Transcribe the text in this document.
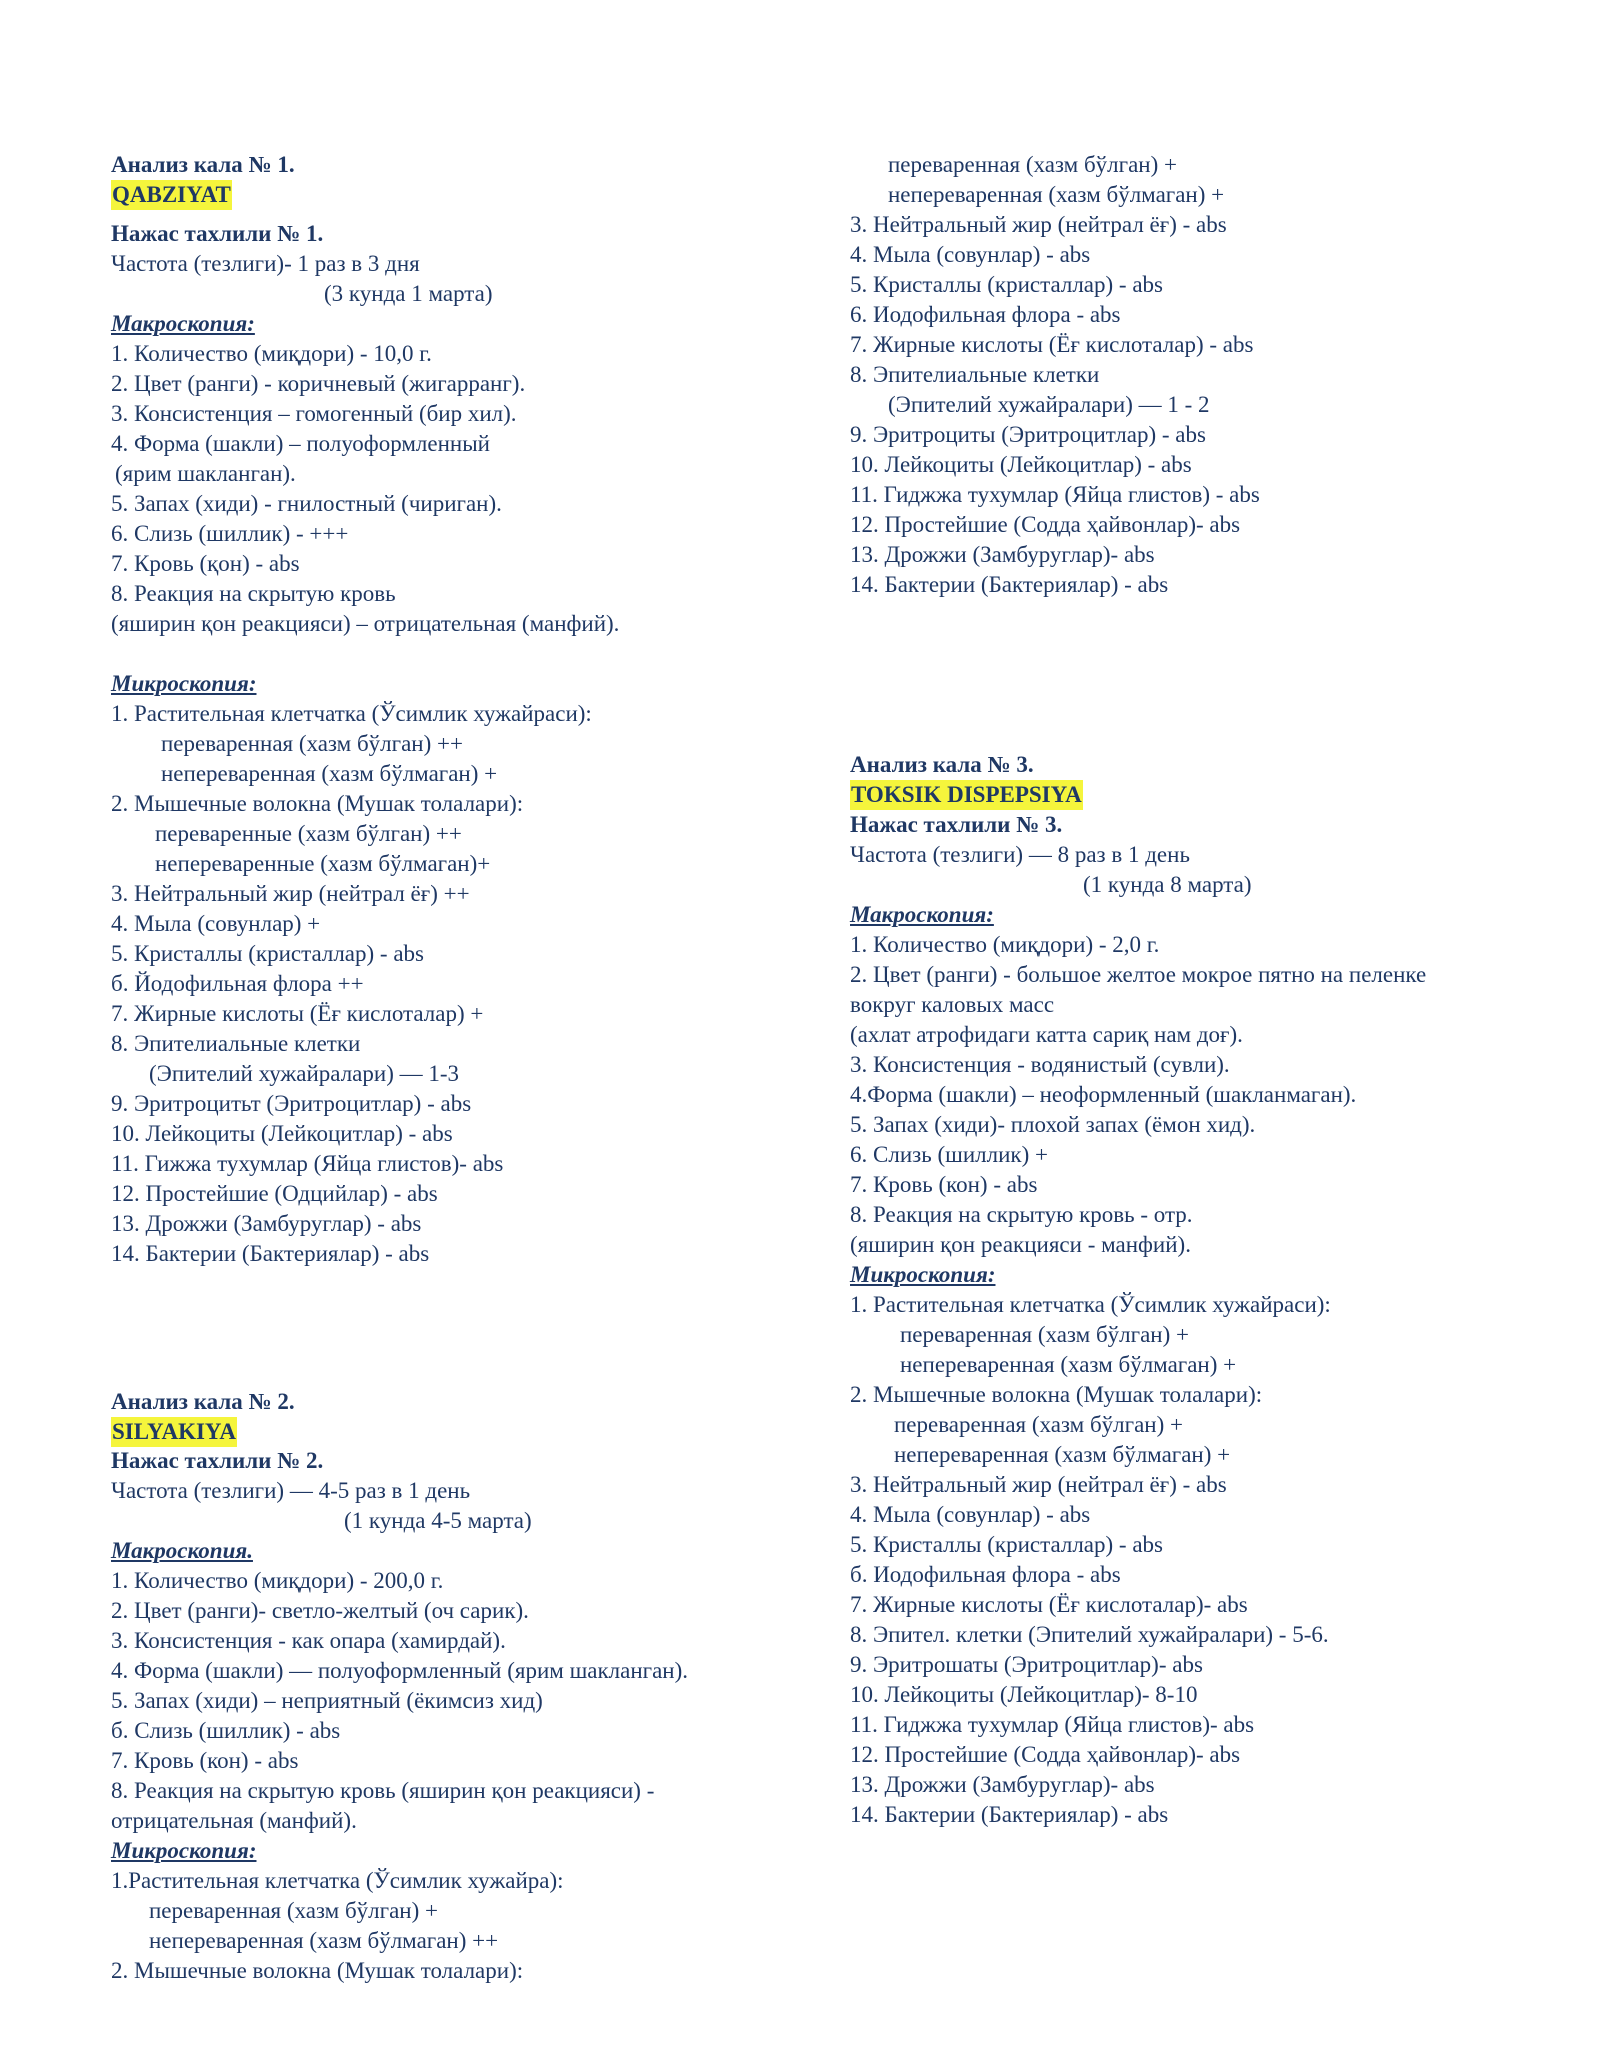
Анализ кала № 1.
QABZIYAT
Нажас тахлили № 1.
Частота (тезлиги)- 1 раз в 3 дня
(3 кунда 1 марта)
Макроскопия:
1. Количество (миқдори) - 10,0 г.
2. Цвет (ранги) - коричневый (жигарранг).
3. Консистенция – гомогенный (бир хил).
4. Форма (шакли) – полуоформленный
(ярим шакланган).
5. Запах (хиди) - гнилостный (чириган).
6. Слизь (шиллик) - +++
7. Кровь (қон) - abs
8. Реакция на скрытую кровь
(яширин қон реакцияси) – отрицательная (манфий).
Микроскопия:
1. Растительная клетчатка (Ўсимлик хужайраси):
переваренная (хазм бўлган) ++
непереваренная (хазм бўлмаган) +
2. Мышечные волокна (Мушак толалари):
переваренные (хазм бўлган) ++
непереваренные (хазм бўлмаган)+
3. Нейтральный жир (нейтрал ёғ) ++
4. Мыла (совунлар) +
5. Кристаллы (кристаллар) - abs
б. Йодофильная флора ++
7. Жирные кислоты (Ёғ кислоталар) +
8. Эпителиальные клетки
(Эпителий хужайралари) — 1-3
9. Эритроцитьт (Эритроцитлар) - abs
10. Лейкоциты (Лейкоцитлар) - abs
11. Гижжа тухумлар (Яйца глистов)- abs
12. Простейшие (Одцийлар) - abs
13. Дрожжи (Замбуруглар) - abs
14. Бактерии (Бактериялар) - abs
Анализ кала № 2.
SILYAKIYA
Нажас тахлили № 2.
Частота (тезлиги) — 4-5 раз в 1 день
(1 кунда 4-5 марта)
Макроскопия.
1. Количество (миқдори) - 200,0 г.
2. Цвет (ранги)- светло-желтый (оч сарик).
3. Консистенция - как опара (хамирдай).
4. Форма (шакли) — полуоформленный (ярим шакланган).
5. Запах (хиди) – неприятный (ёкимсиз хид)
б. Слизь (шиллик) - abs
7. Кровь (кон) - abs
8. Реакция на скрытую кровь (яширин қон реакцияси) -
отрицательная (манфий).
Микроскопия:
1.Растительная клетчатка (Ўсимлик хужайра):
переваренная (хазм бўлган) +
непереваренная (хазм бўлмаган) ++
2. Мышечные волокна (Мушак толалари):
переваренная (хазм бўлган) +
непереваренная (хазм бўлмаган) +
3. Нейтральный жир (нейтрал ёғ) - abs
4. Мыла (совунлар) - abs
5. Кристаллы (кристаллар) - abs
6. Иодофильная флора - abs
7. Жирные кислоты (Ёғ кислоталар) - abs
8. Эпителиальные клетки
(Эпителий хужайралари) — 1 - 2
9. Эритроциты (Эритроцитлар) - abs
10. Лейкоциты (Лейкоцитлар) - abs
11. Гиджжа тухумлар (Яйца глистов) - abs
12. Простейшие (Содда ҳайвонлар)- abs
13. Дрожжи (Замбуруглар)- abs
14. Бактерии (Бактериялар) - abs
Анализ кала № 3.
TOKSIK DISPEPSIYA
Нажас тахлили № 3.
Частота (тезлиги) — 8 раз в 1 день
(1 кунда 8 марта)
Макроскопия:
1. Количество (миқдори) - 2,0 г.
2. Цвет (ранги) - большое желтое мокрое пятно на пеленке
вокруг каловых масс
(ахлат атрофидаги катта сариқ нам доғ).
3. Консистенция - водянистый (сувли).
4.Форма (шакли) – неоформленный (шакланмаган).
5. Запах (хиди)- плохой запах (ёмон хид).
6. Слизь (шиллик) +
7. Кровь (кон) - abs
8. Реакция на скрытую кровь - отр.
(яширин қон реакцияси - манфий).
Микроскопия:
1. Растительная клетчатка (Ўсимлик хужайраси):
переваренная (хазм бўлган) +
непереваренная (хазм бўлмаган) +
2. Мышечные волокна (Мушак толалари):
переваренная (хазм бўлган) +
непереваренная (хазм бўлмаган) +
3. Нейтральный жир (нейтрал ёғ) - abs
4. Мыла (совунлар) - abs
5. Кристаллы (кристаллар) - abs
б. Иодофильная флора - abs
7. Жирные кислоты (Ёғ кислоталар)- abs
8. Эпител. клетки (Эпителий хужайралари) - 5-6.
9. Эритрошаты (Эритроцитлар)- abs
10. Лейкоциты (Лейкоцитлар)- 8-10
11. Гиджжа тухумлар (Яйца глистов)- abs
12. Простейшие (Содда ҳайвонлар)- abs
13. Дрожжи (Замбуруглар)- abs
14. Бактерии (Бактериялар) - abs
